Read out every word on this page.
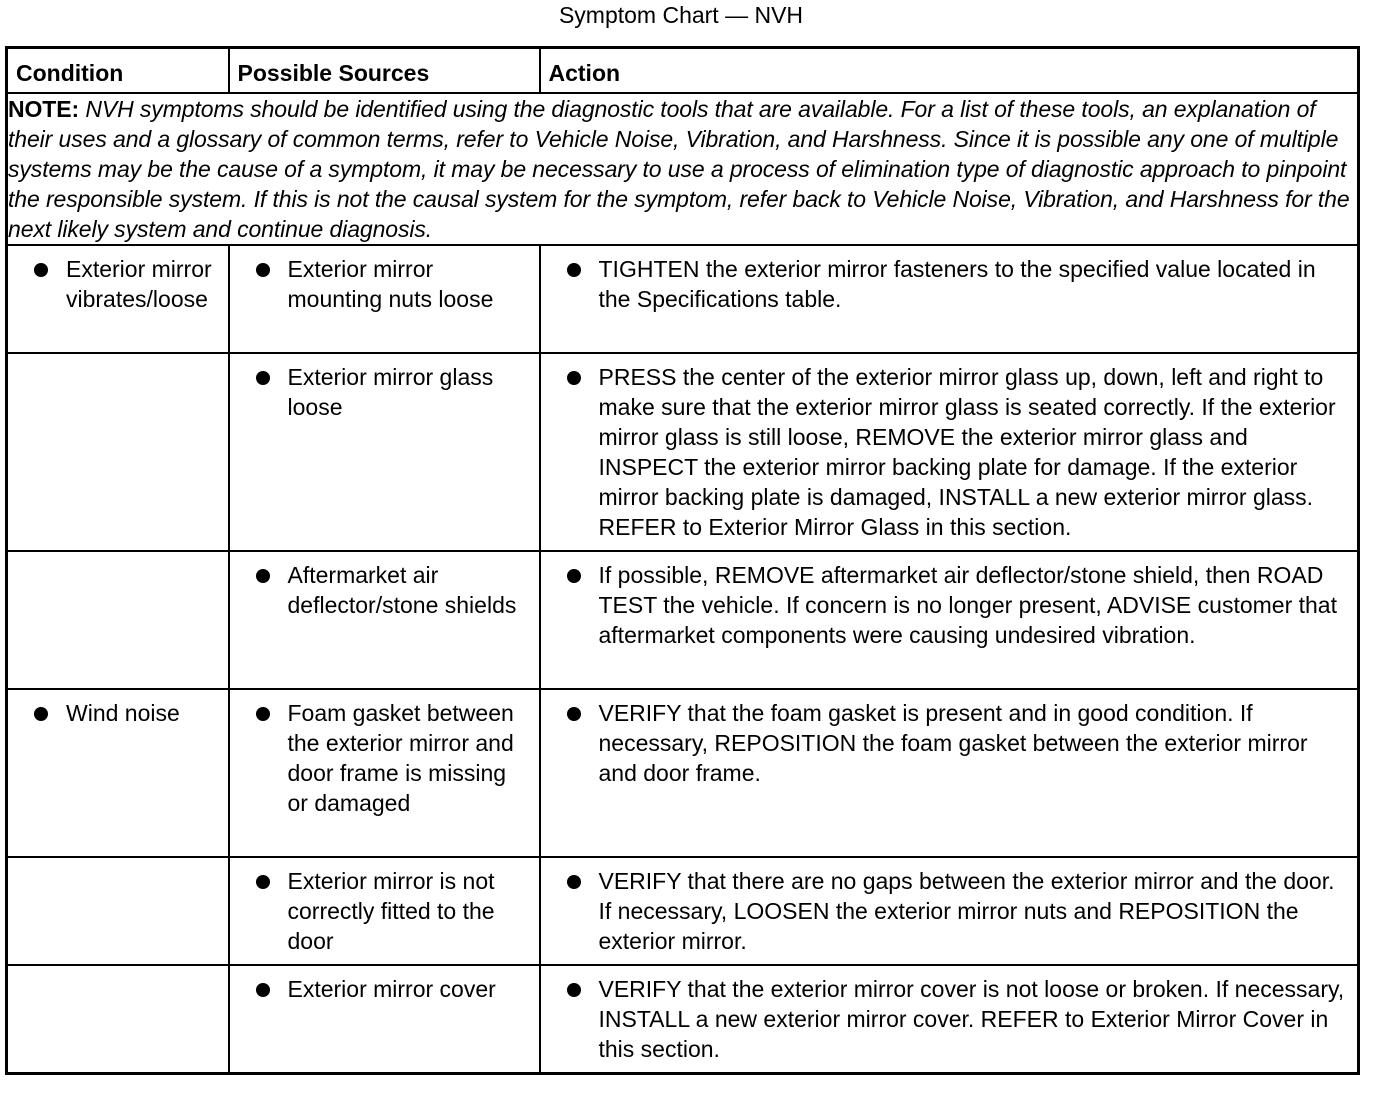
Symptom Chart — NVH
Condition	Possible Sources	Action
NOTE: NVH symptoms should be identified using the diagnostic tools that are available. For a list of these tools, an explanation of their uses and a glossary of common terms, refer to Vehicle Noise, Vibration, and Harshness. Since it is possible any one of multiple systems may be the cause of a symptom, it may be necessary to use a process of elimination type of diagnostic approach to pinpoint the responsible system. If this is not the causal system for the symptom, refer back to Vehicle Noise, Vibration, and Harshness for the next likely system and continue diagnosis.		

Exterior mirror vibrates/loose	Exterior mirror mounting nuts loose	TIGHTEN the exterior mirror fasteners to the specified value located in the Specifications table.

	Exterior mirror glass loose	PRESS the center of the exterior mirror glass up, down, left and right to make sure that the exterior mirror glass is seated correctly. If the exterior mirror glass is still loose, REMOVE the exterior mirror glass and INSPECT the exterior mirror backing plate for damage. If the exterior mirror backing plate is damaged, INSTALL a new exterior mirror glass. REFER to Exterior Mirror Glass in this section.

	Aftermarket air deflector/stone shields	If possible, REMOVE aftermarket air deflector/stone shield, then ROAD TEST the vehicle. If concern is no longer present, ADVISE customer that aftermarket components were causing undesired vibration.

Wind noise	Foam gasket between the exterior mirror and door frame is missing or damaged	VERIFY that the foam gasket is present and in good condition. If necessary, REPOSITION the foam gasket between the exterior mirror and door frame.

	Exterior mirror is not correctly fitted to the door	VERIFY that there are no gaps between the exterior mirror and the door. If necessary, LOOSEN the exterior mirror nuts and REPOSITION the exterior mirror.

	Exterior mirror cover	VERIFY that the exterior mirror cover is not loose or broken. If necessary, INSTALL a new exterior mirror cover. REFER to Exterior Mirror Cover in this section.
